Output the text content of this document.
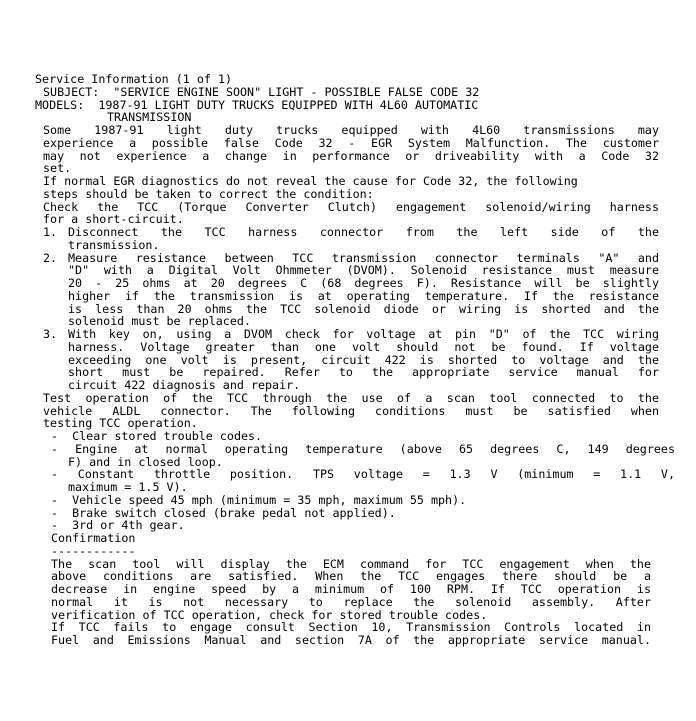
Service Information (1 of 1)
SUBJECT:  "SERVICE ENGINE SOON" LIGHT - POSSIBLE FALSE CODE 32
MODELS:  1987-91 LIGHT DUTY TRUCKS EQUIPPED WITH 4L60 AUTOMATIC
TRANSMISSION
Some 1987-91 light duty trucks equipped with 4L60 transmissions may
experience a possible false Code 32 - EGR System Malfunction. The customer
may not experience a change in performance or driveability with a Code 32
set.
If normal EGR diagnostics do not reveal the cause for Code 32, the following
steps should be taken to correct the condition:
Check the TCC (Torque Converter Clutch) engagement solenoid/wiring harness
for a short-circuit.
1. Disconnect the TCC harness connector from the left side of the
transmission.
2. Measure resistance between TCC transmission connector terminals "A" and
"D" with a Digital Volt Ohmmeter (DVOM). Solenoid resistance must measure
20 - 25 ohms at 20 degrees C (68 degrees F). Resistance will be slightly
higher if the transmission is at operating temperature. If the resistance
is less than 20 ohms the TCC solenoid diode or wiring is shorted and the
solenoid must be replaced.
3. With key on, using a DVOM check for voltage at pin "D" of the TCC wiring
harness. Voltage greater than one volt should not be found. If voltage
exceeding one volt is present, circuit 422 is shorted to voltage and the
short must be repaired. Refer to the appropriate service manual for
circuit 422 diagnosis and repair.
Test operation of the TCC through the use of a scan tool connected to the
vehicle ALDL connector. The following conditions must be satisfied when
testing TCC operation.
-  Clear stored trouble codes.
- Engine at normal operating temperature (above 65 degrees C, 149 degrees
F) and in closed loop.
- Constant throttle position. TPS voltage = 1.3 V (minimum = 1.1 V,
maximum = 1.5 V).
-  Vehicle speed 45 mph (minimum = 35 mph, maximum 55 mph).
-  Brake switch closed (brake pedal not applied).
-  3rd or 4th gear.
Confirmation
------------
The scan tool will display the ECM command for TCC engagement when the
above conditions are satisfied. When the TCC engages there should be a
decrease in engine speed by a minimum of 100 RPM. If TCC operation is
normal it is not necessary to replace the solenoid assembly. After
verification of TCC operation, check for stored trouble codes.
If TCC fails to engage consult Section 10, Transmission Controls located in
Fuel and Emissions Manual and section 7A of the appropriate service manual.
